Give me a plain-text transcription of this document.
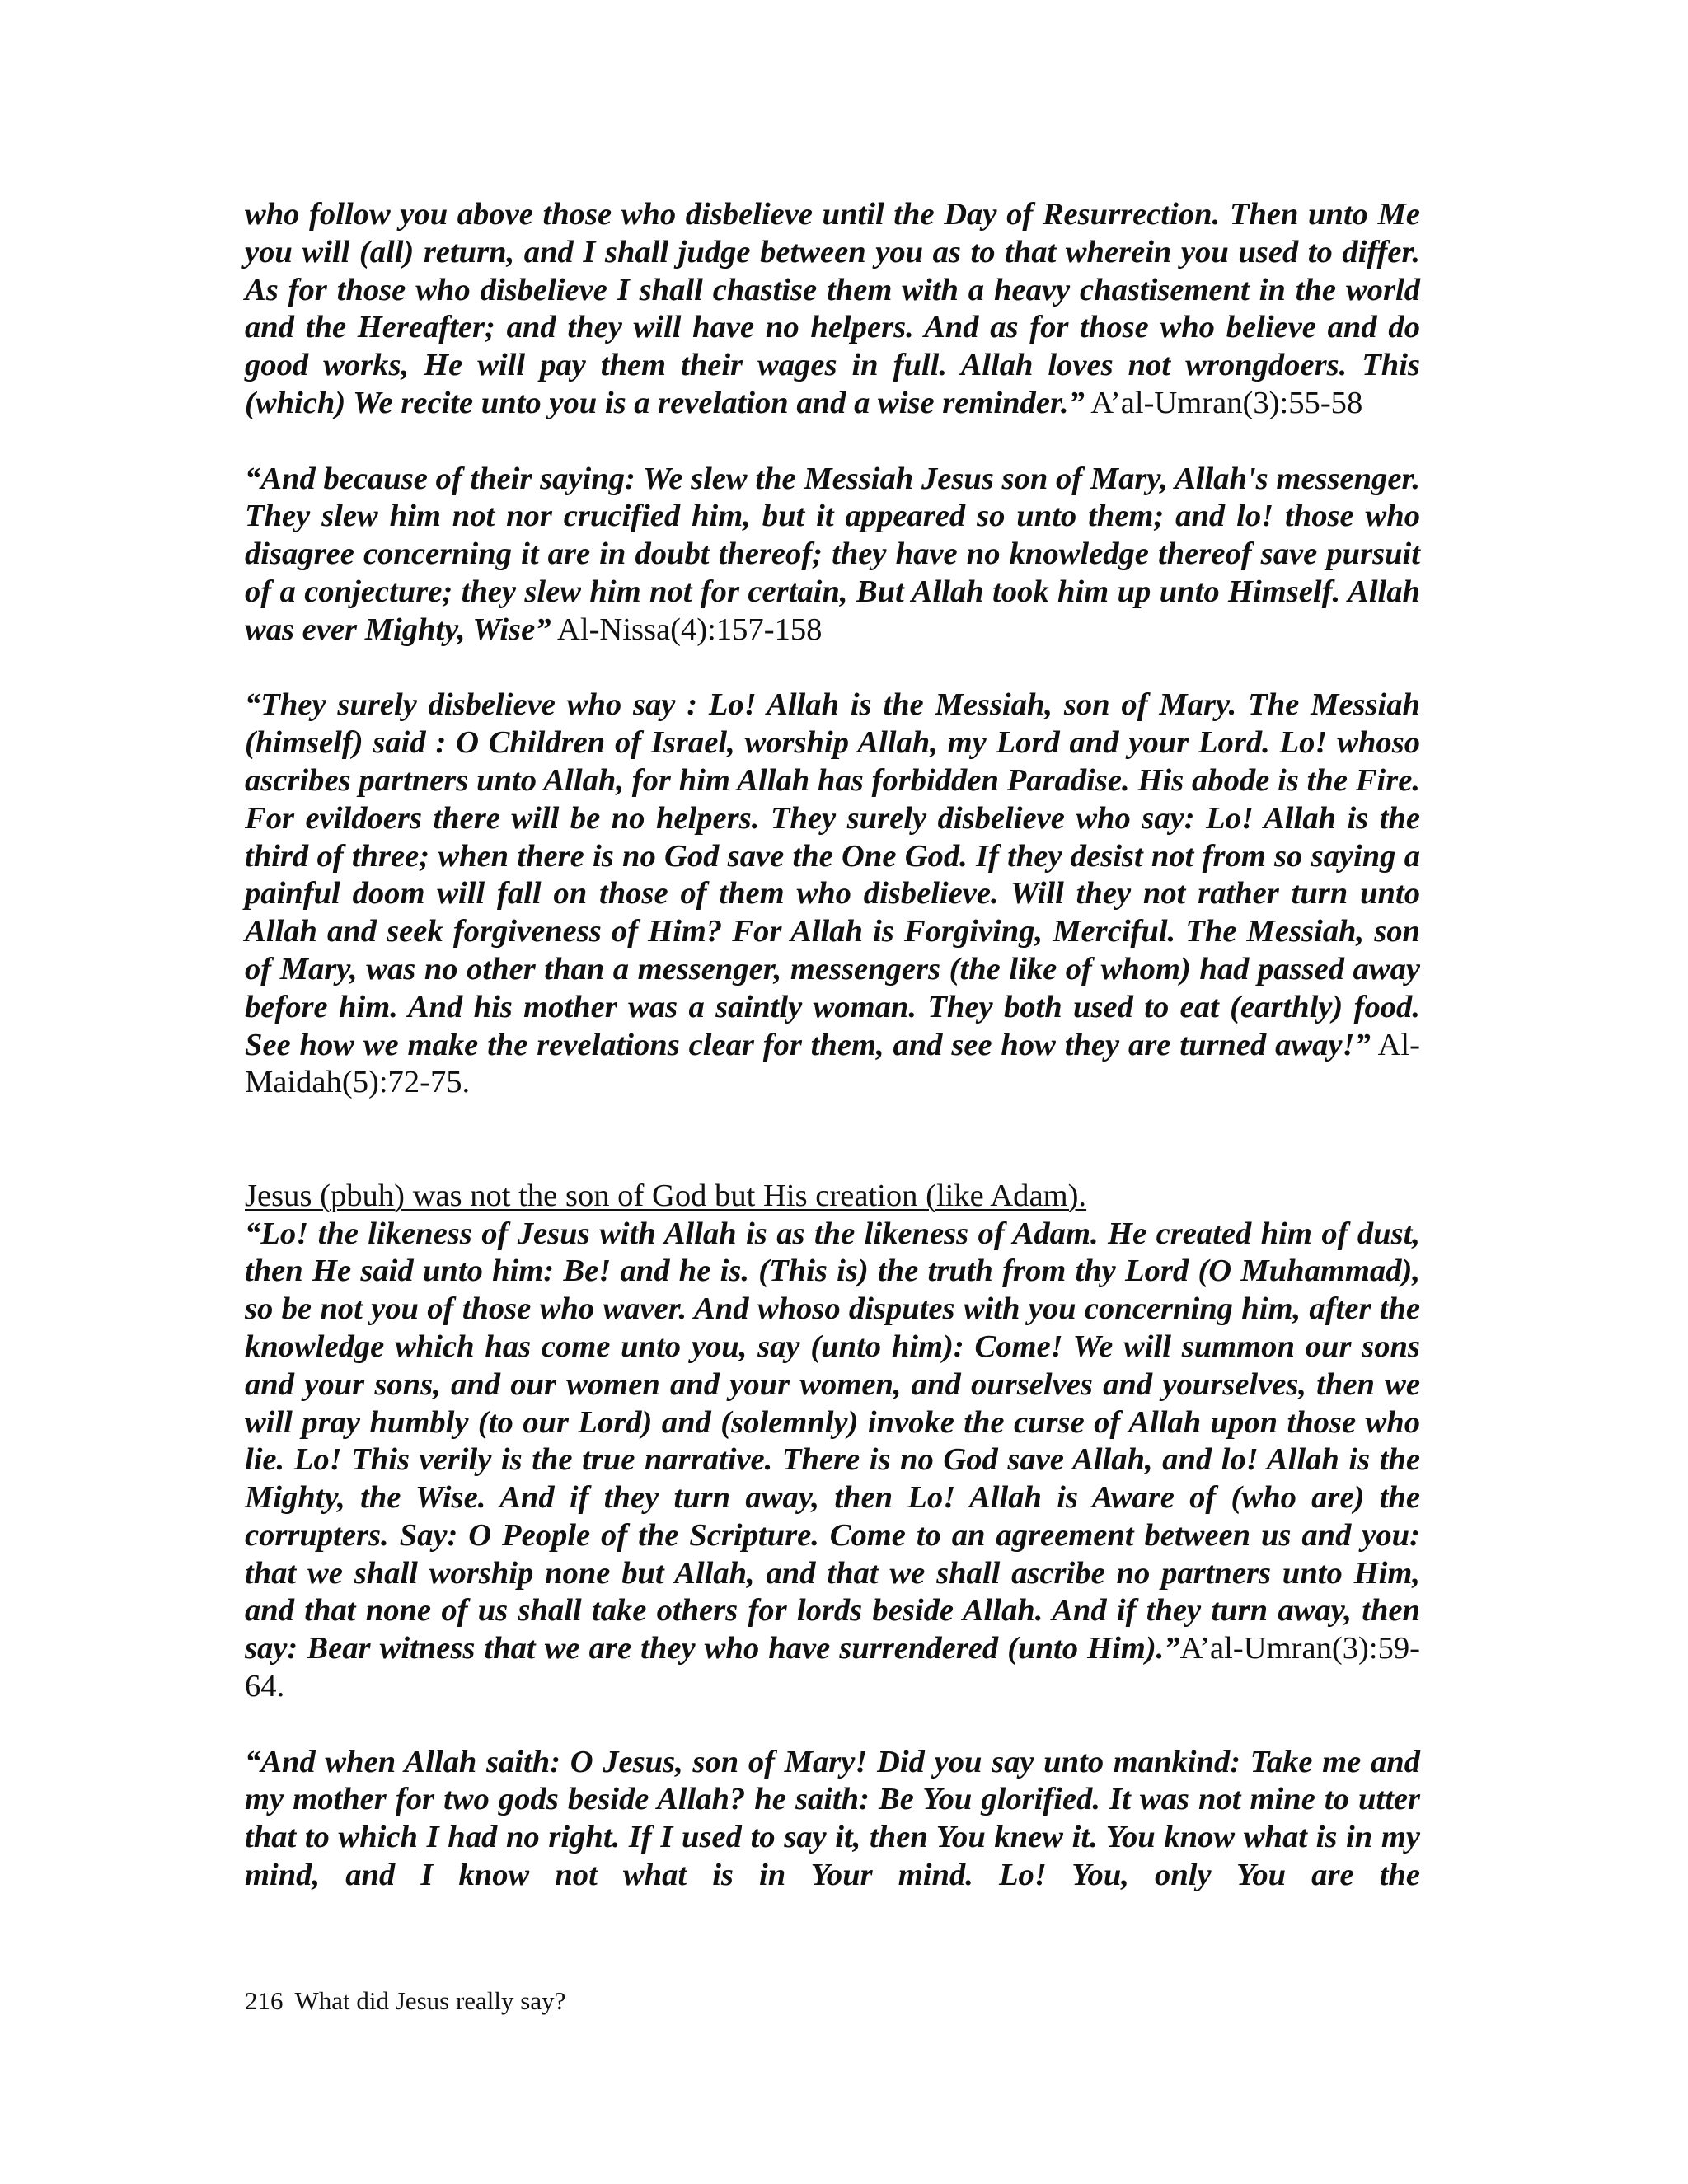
who follow you above those who disbelieve until the Day of Resurrection. Then unto Me you will (all) return, and I shall judge between you as to that wherein you used to differ. As for those who disbelieve I shall chastise them with a heavy chastisement in the world and the Hereafter; and they will have no helpers. And as for those who believe and do good works, He will pay them their wages in full. Allah loves not wrongdoers. This (which) We recite unto you is a revelation and a wise reminder.” A’al-Umran(3):55-58

“And because of their saying: We slew the Messiah Jesus son of Mary, Allah's messenger. They slew him not nor crucified him, but it appeared so unto them; and lo! those who disagree concerning it are in doubt thereof; they have no knowledge thereof save pursuit of a conjecture; they slew him not for certain, But Allah took him up unto Himself. Allah was ever Mighty, Wise” Al-Nissa(4):157-158

“They surely disbelieve who say : Lo! Allah is the Messiah, son of Mary. The Messiah (himself) said : O Children of Israel, worship Allah, my Lord and your Lord. Lo! whoso ascribes partners unto Allah, for him Allah has forbidden Paradise. His abode is the Fire. For evildoers there will be no helpers. They surely disbelieve who say: Lo! Allah is the third of three; when there is no God save the One God. If they desist not from so saying a painful doom will fall on those of them who disbelieve. Will they not rather turn unto Allah and seek forgiveness of Him? For Allah is Forgiving, Merciful. The Messiah, son of Mary, was no other than a messenger, messengers (the like of whom) had passed away before him. And his mother was a saintly woman. They both used to eat (earthly) food. See how we make the revelations clear for them, and see how they are turned away!” Al-Maidah(5):72-75.

Jesus (pbuh) was not the son of God but His creation (like Adam).

“Lo! the likeness of Jesus with Allah is as the likeness of Adam. He created him of dust, then He said unto him: Be! and he is. (This is) the truth from thy Lord (O Muhammad), so be not you of those who waver. And whoso disputes with you concerning him, after the knowledge which has come unto you, say (unto him): Come! We will summon our sons and your sons, and our women and your women, and ourselves and yourselves, then we will pray humbly (to our Lord) and (solemnly) invoke the curse of Allah upon those who lie. Lo! This verily is the true narrative. There is no God save Allah, and lo! Allah is the Mighty, the Wise. And if they turn away, then Lo! Allah is Aware of (who are) the corrupters. Say: O People of the Scripture. Come to an agreement between us and you: that we shall worship none but Allah, and that we shall ascribe no partners unto Him, and that none of us shall take others for lords beside Allah. And if they turn away, then say: Bear witness that we are they who have surrendered (unto Him).”A’al-Umran(3):59-64.

“And when Allah saith: O Jesus, son of Mary! Did you say unto mankind: Take me and my mother for two gods beside Allah? he saith: Be You glorified. It was not mine to utter that to which I had no right. If I used to say it, then You knew it. You know what is in my mind, and I know not what is in Your mind. Lo! You, only You are the

216 What did Jesus really say?
